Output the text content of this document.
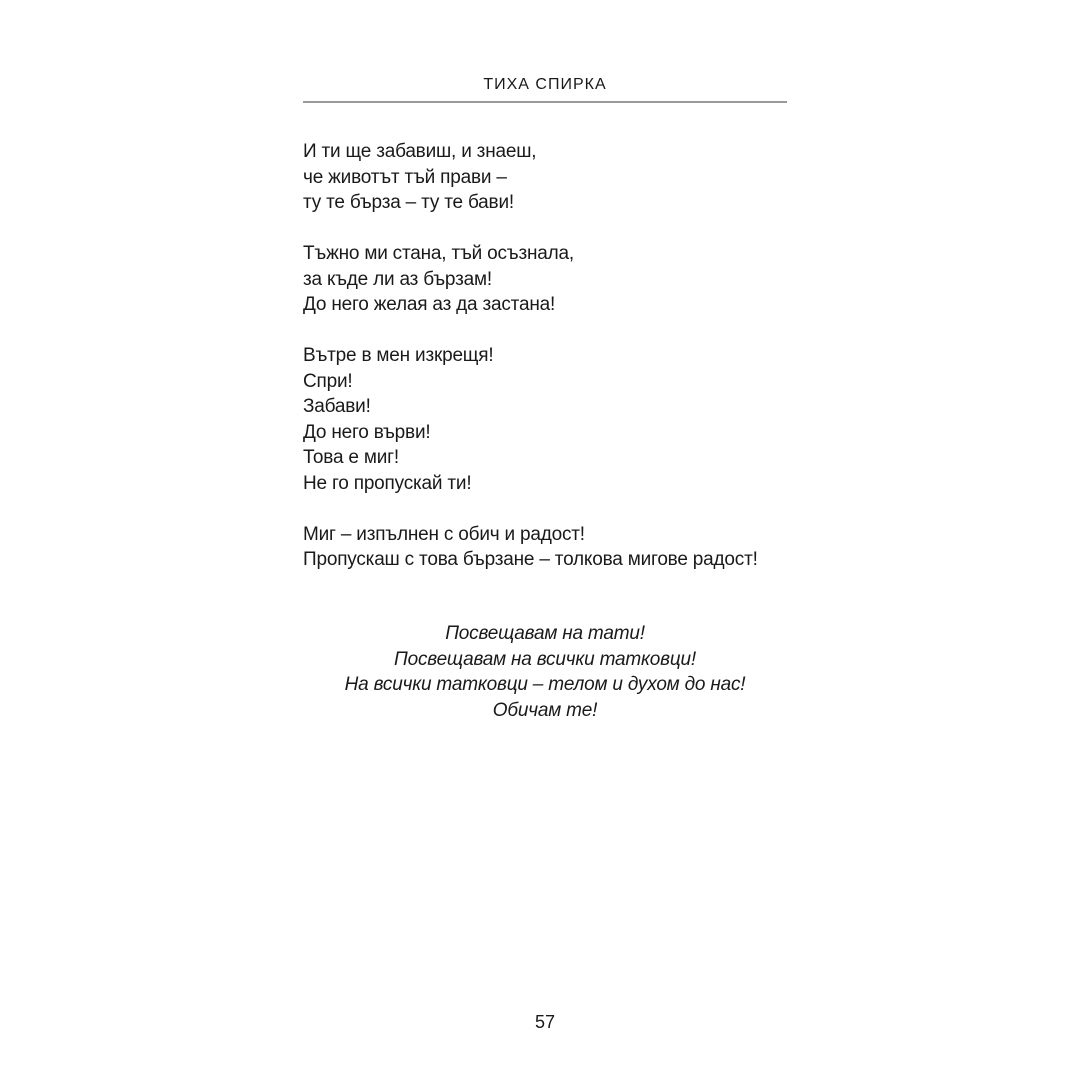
ТИХА СПИРКА
И ти ще забавиш, и знаеш,
че животът тъй прави –
ту те бърза – ту те бави!
Тъжно ми стана, тъй осъзнала,
за къде ли аз бързам!
До него желая аз да застана!
Вътре в мен изкрещя!
Спри!
Забави!
До него върви!
Това е миг!
Не го пропускай ти!
Миг – изпълнен с обич и радост!
Пропускаш с това бързане – толкова мигове радост!
Посвещавам на тати!
Посвещавам на всички татковци!
На всички татковци – телом и духом до нас!
Обичам те!
57
